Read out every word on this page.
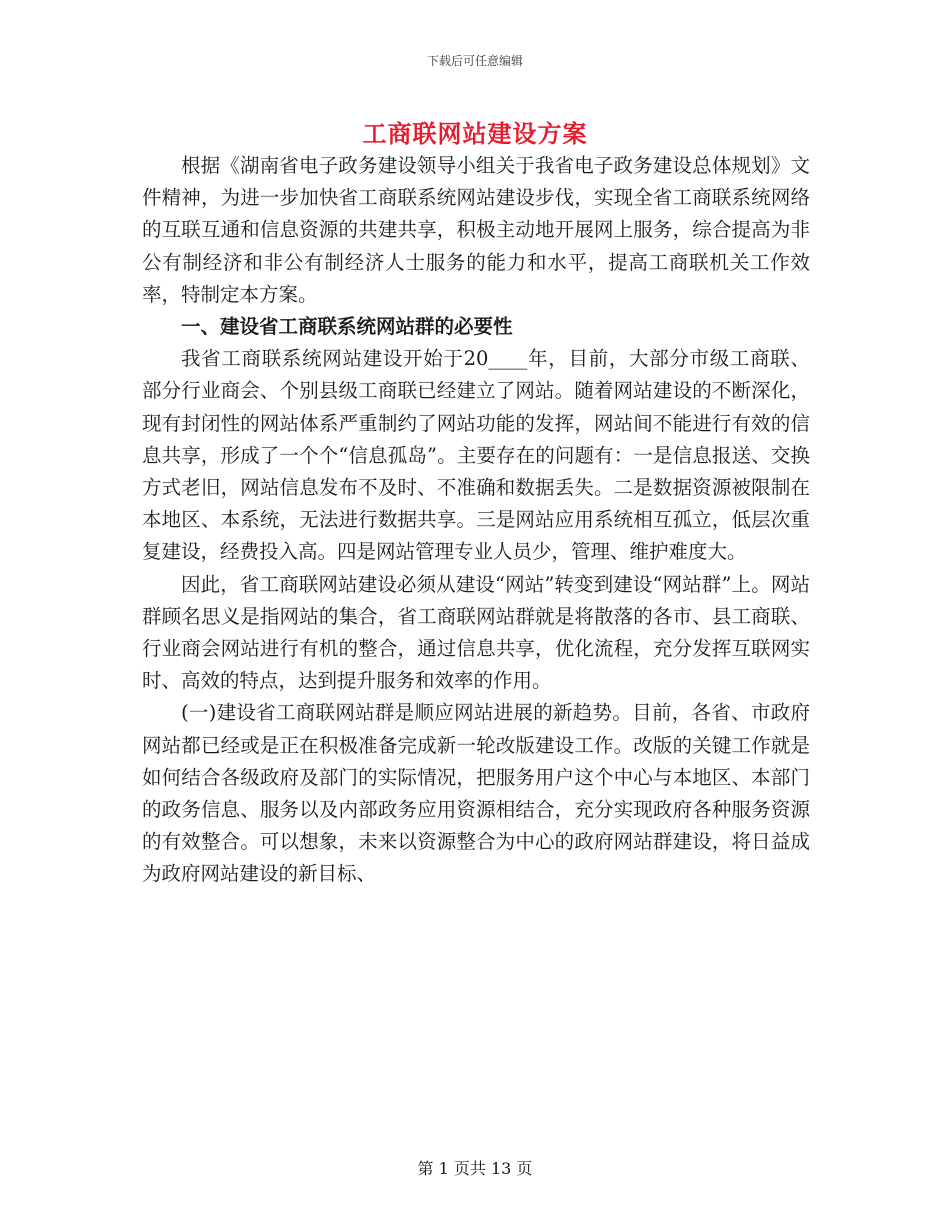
下载后可任意编辑
工商联网站建设方案

根据《湖南省电子政务建设领导小组关于我省电子政务建设总体规划》文件精神，为进一步加快省工商联系统网站建设步伐，实现全省工商联系统网络的互联互通和信息资源的共建共享，积极主动地开展网上服务，综合提高为非公有制经济和非公有制经济人士服务的能力和水平，提高工商联机关工作效率，特制定本方案。

一、建设省工商联系统网站群的必要性

我省工商联系统网站建设开始于20____年，目前，大部分市级工商联、部分行业商会、个别县级工商联已经建立了网站。随着网站建设的不断深化，现有封闭性的网站体系严重制约了网站功能的发挥，网站间不能进行有效的信息共享，形成了一个个“信息孤岛”。主要存在的问题有：一是信息报送、交换方式老旧，网站信息发布不及时、不准确和数据丢失。二是数据资源被限制在本地区、本系统，无法进行数据共享。三是网站应用系统相互孤立，低层次重复建设，经费投入高。四是网站管理专业人员少，管理、维护难度大。

因此，省工商联网站建设必须从建设“网站”转变到建设“网站群”上。网站群顾名思义是指网站的集合，省工商联网站群就是将散落的各市、县工商联、行业商会网站进行有机的整合，通过信息共享，优化流程，充分发挥互联网实时、高效的特点，达到提升服务和效率的作用。

(一)建设省工商联网站群是顺应网站进展的新趋势。目前，各省、市政府网站都已经或是正在积极准备完成新一轮改版建设工作。改版的关键工作就是如何结合各级政府及部门的实际情况，把服务用户这个中心与本地区、本部门的政务信息、服务以及内部政务应用资源相结合，充分实现政府各种服务资源的有效整合。可以想象，未来以资源整合为中心的政府网站群建设，将日益成为政府网站建设的新目标、

第 1 页共 13 页
